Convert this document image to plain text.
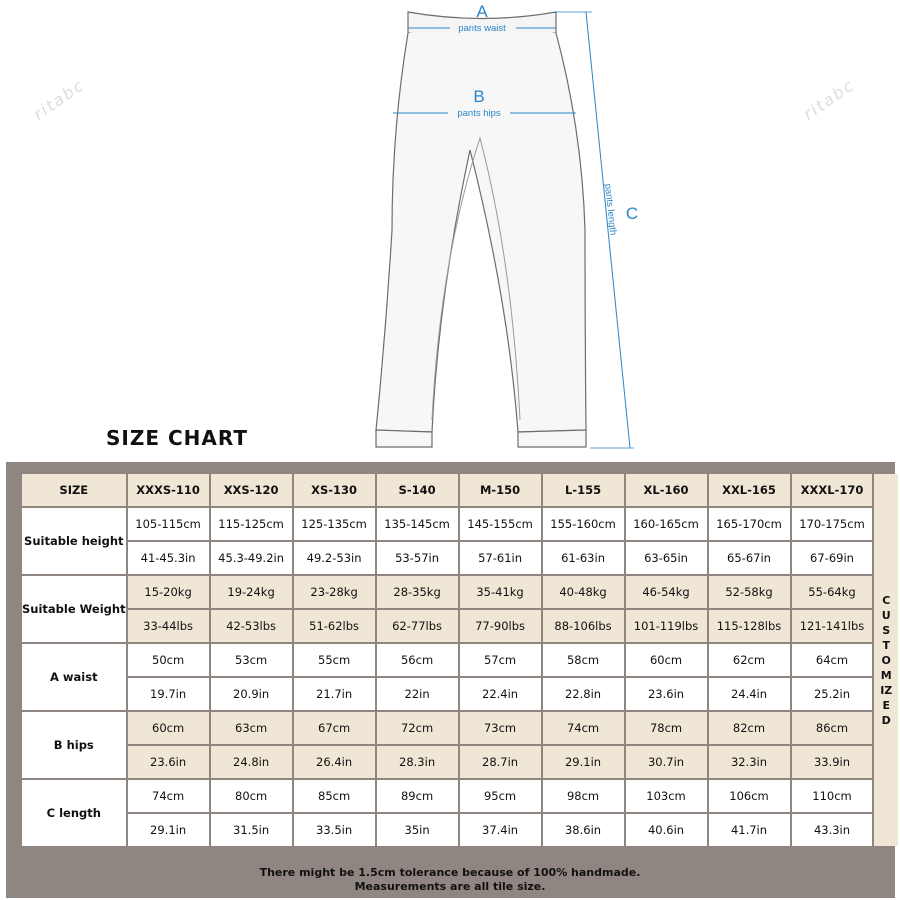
ritabc	ritabc
A
pants waist
B
pants hips
C
pants length
SIZE CHART
SIZE	XXXS-110	XXS-120	XS-130	S-140	M-150	L-155	XL-160	XXL-165	XXXL-170	CUSTOMIZED
Suitable height	105-115cm	115-125cm	125-135cm	135-145cm	145-155cm	155-160cm	160-165cm	165-170cm	170-175cm	
	41-45.3in	45.3-49.2in	49.2-53in	53-57in	57-61in	61-63in	63-65in	65-67in	67-69in	
Suitable Weight	15-20kg	19-24kg	23-28kg	28-35kg	35-41kg	40-48kg	46-54kg	52-58kg	55-64kg	
	33-44lbs	42-53lbs	51-62lbs	62-77lbs	77-90lbs	88-106lbs	101-119lbs	115-128lbs	121-141lbs	
A waist	50cm	53cm	55cm	56cm	57cm	58cm	60cm	62cm	64cm	
	19.7in	20.9in	21.7in	22in	22.4in	22.8in	23.6in	24.4in	25.2in	
B hips	60cm	63cm	67cm	72cm	73cm	74cm	78cm	82cm	86cm	
	23.6in	24.8in	26.4in	28.3in	28.7in	29.1in	30.7in	32.3in	33.9in	
C length	74cm	80cm	85cm	89cm	95cm	98cm	103cm	106cm	110cm	
	29.1in	31.5in	33.5in	35in	37.4in	38.6in	40.6in	41.7in	43.3in	
There might be 1.5cm tolerance because of 100% handmade.
Measurements are all tile size.
